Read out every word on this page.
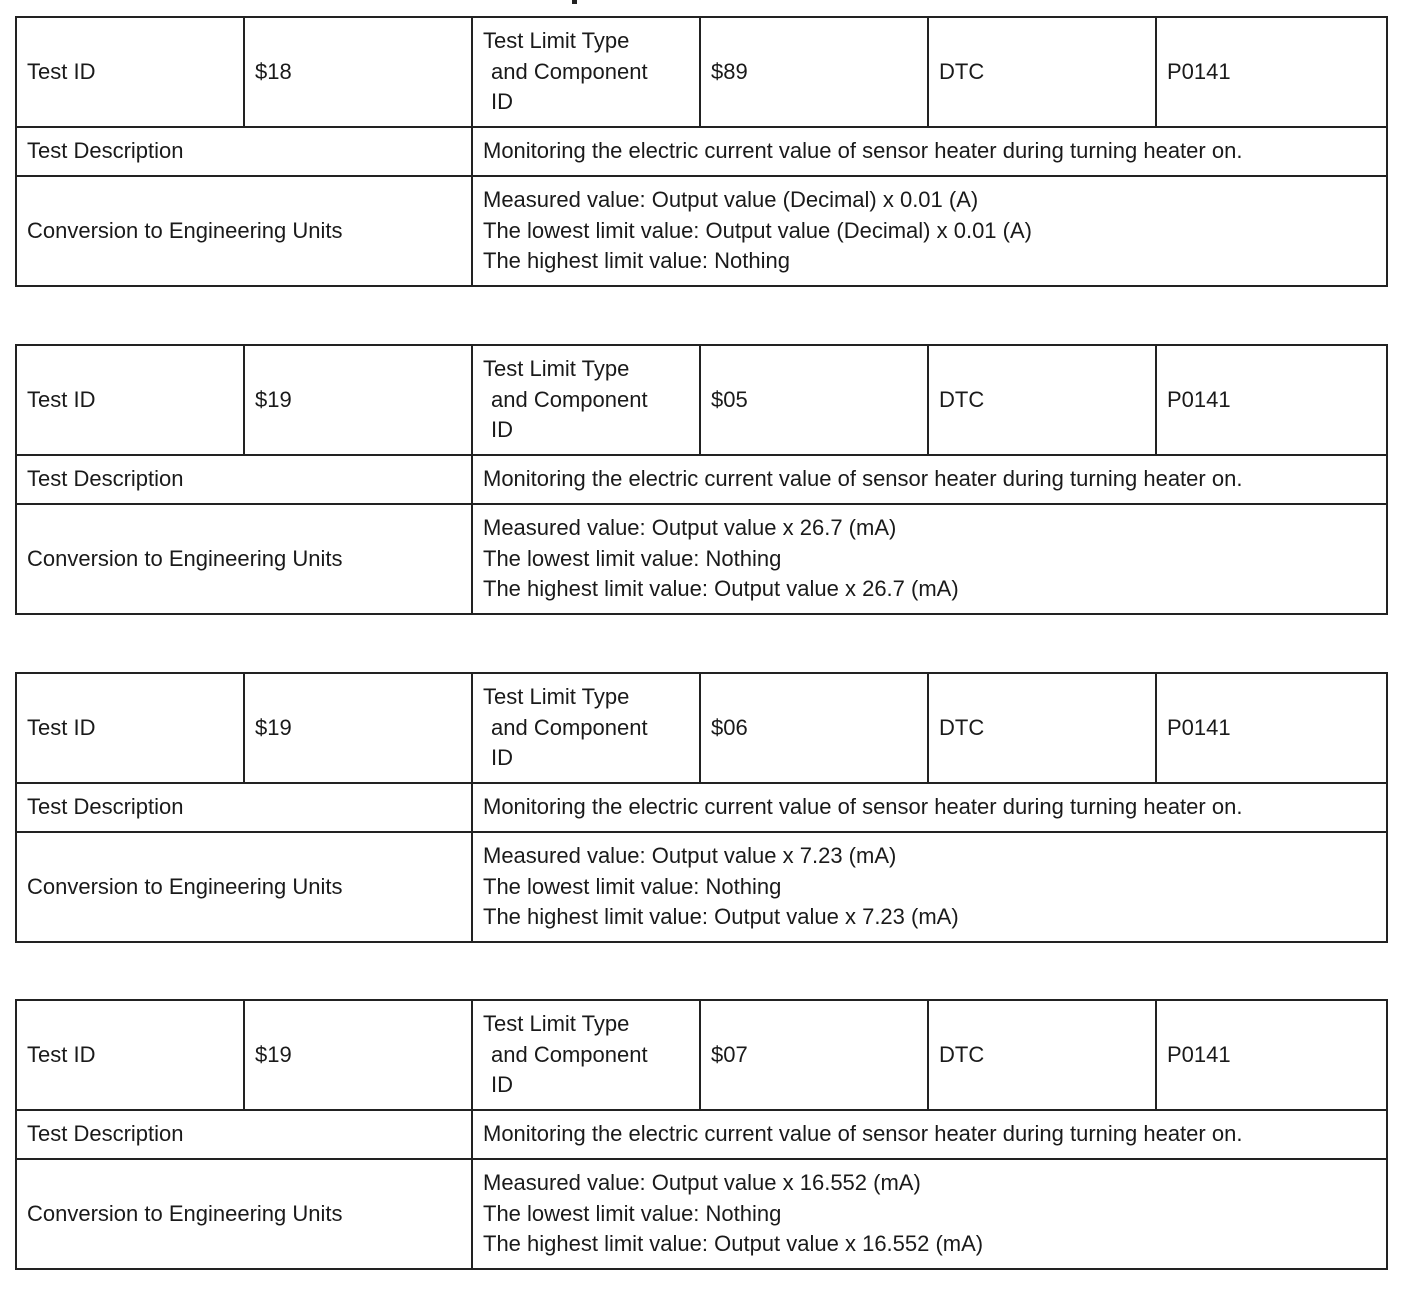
Test ID	$18	Test Limit Type
and Component
ID	$89	DTC	P0141
Test Description		Monitoring the electric current value of sensor heater during turning heater on.			
Conversion to Engineering Units		Measured value: Output value (Decimal) x 0.01 (A)
The lowest limit value: Output value (Decimal) x 0.01 (A)
The highest limit value: Nothing			
Test ID	$19	Test Limit Type
and Component
ID	$05	DTC	P0141
Test Description		Monitoring the electric current value of sensor heater during turning heater on.			
Conversion to Engineering Units		Measured value: Output value x 26.7 (mA)
The lowest limit value: Nothing
The highest limit value: Output value x 26.7 (mA)			
Test ID	$19	Test Limit Type
and Component
ID	$06	DTC	P0141
Test Description		Monitoring the electric current value of sensor heater during turning heater on.			
Conversion to Engineering Units		Measured value: Output value x 7.23 (mA)
The lowest limit value: Nothing
The highest limit value: Output value x 7.23 (mA)			
Test ID	$19	Test Limit Type
and Component
ID	$07	DTC	P0141
Test Description		Monitoring the electric current value of sensor heater during turning heater on.			
Conversion to Engineering Units		Measured value: Output value x 16.552 (mA)
The lowest limit value: Nothing
The highest limit value: Output value x 16.552 (mA)			
